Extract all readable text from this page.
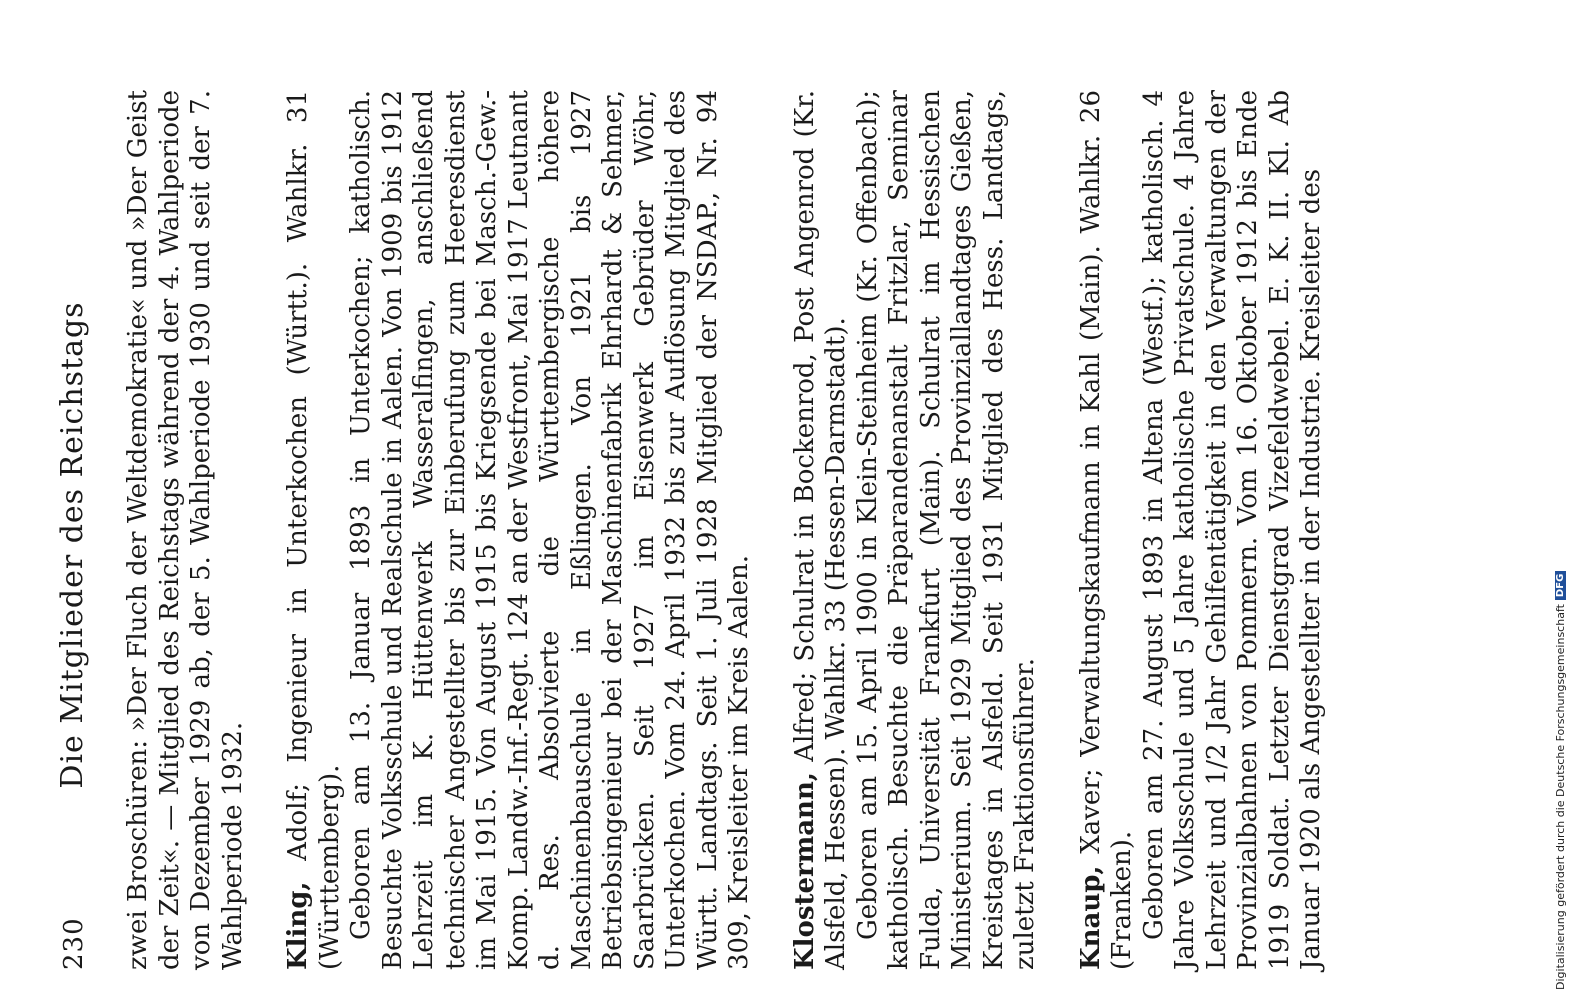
230
Die Mitglieder des Reichstags zwei Broschüren: »Der Fluch der Weltdemokratie« und »Der Geist der Zeit«. — Mitglied des Reichstags während der 4. Wahlperiode von Dezember 1929 ab, der 5. Wahlperiode 1930 und seit der 7. Wahlperiode 1932. Kling, Adolf; Ingenieur in Unterkochen (Württ.). Wahlkr. 31 (Württemberg). Geboren am 13. Januar 1893 in Unterkochen; katholisch. Besuchte Volksschule und Realschule in Aalen. Von 1909 bis 1912 Lehrzeit im K. Hüttenwerk Wasseralfingen, anschließend technischer Angestellter bis zur Einberufung zum Heeresdienst im Mai 1915. Von August 1915 bis Kriegsende bei Masch.-Gew.-Komp. Landw.-Inf.-Regt. 124 an der Westfront, Mai 1917 Leutnant d. Res. Absolvierte die Württembergische höhere Maschinenbauschule in Eßlingen. Von 1921 bis 1927 Betriebsingenieur bei der Maschinenfabrik Ehrhardt & Sehmer, Saarbrücken. Seit 1927 im Eisenwerk Gebrüder Wöhr, Unterkochen. Vom 24. April 1932 bis zur Auflösung Mitglied des Württ. Landtags. Seit 1. Juli 1928 Mitglied der NSDAP., Nr. 94 309, Kreisleiter im Kreis Aalen. Klostermann, Alfred; Schulrat in Bockenrod, Post Angenrod (Kr. Alsfeld, Hessen). Wahlkr. 33 (Hessen-Darmstadt). Geboren am 15. April 1900 in Klein-Steinheim (Kr. Offenbach); katholisch. Besuchte die Präparandenanstalt Fritzlar, Seminar Fulda, Universität Frankfurt (Main). Schulrat im Hessischen Ministerium. Seit 1929 Mitglied des Provinziallandtages Gießen, Kreistages in Alsfeld. Seit 1931 Mitglied des Hess. Landtags, zuletzt Fraktionsführer. Knaup, Xaver; Verwaltungskaufmann in Kahl (Main). Wahlkr. 26 (Franken). Geboren am 27. August 1893 in Altena (Westf.); katholisch. 4 Jahre Volksschule und 5 Jahre katholische Privatschule. 4 Jahre Lehrzeit und 1/2 Jahr Gehilfentätigkeit in den Verwaltungen der Provinzialbahnen von Pommern. Vom 16. Oktober 1912 bis Ende 1919 Soldat. Letzter Dienstgrad Vizefeldwebel. E. K. II. Kl. Ab Januar 1920 als Angestellter in der Industrie. Kreisleiter des	Digitalisierung gefördert durch die Deutsche Forschungsgemeinschaft
DFG
